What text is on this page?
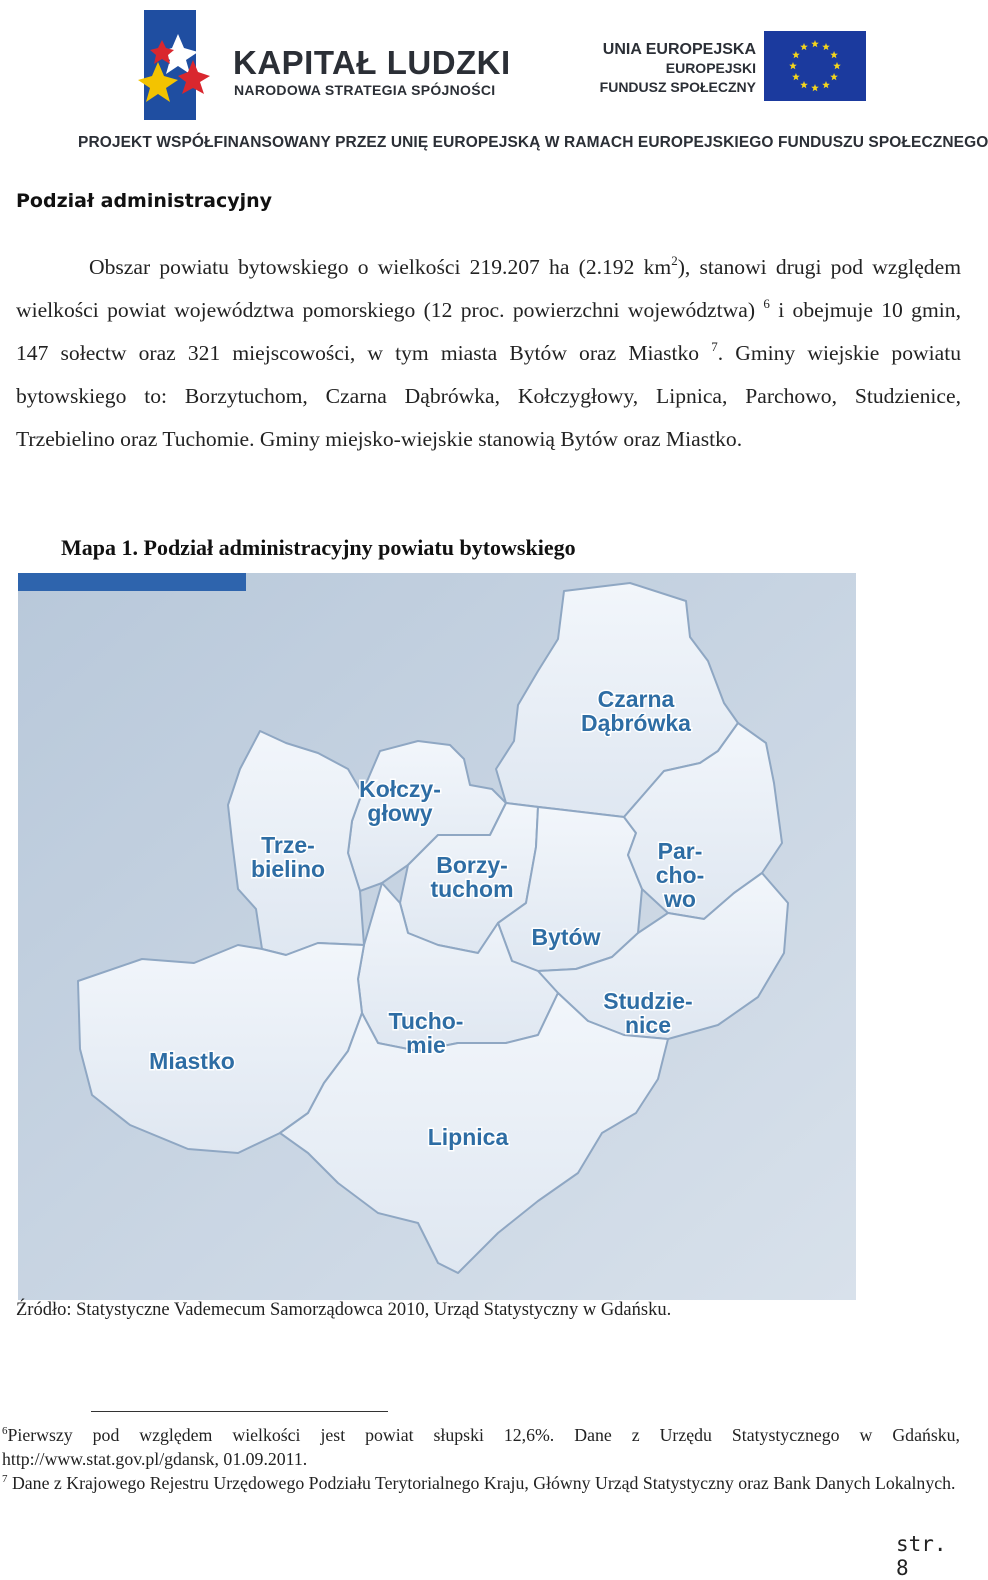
KAPITAŁ LUDZKI
NARODOWA STRATEGIA SPÓJNOŚCI
UNIA EUROPEJSKA
EUROPEJSKI
FUNDUSZ SPOŁECZNY
PROJEKT WSPÓŁFINANSOWANY PRZEZ UNIĘ EUROPEJSKĄ W RAMACH EUROPEJSKIEGO FUNDUSZU SPOŁECZNEGO
Podział administracyjny
Obszar powiatu bytowskiego o wielkości 219.207 ha (2.192 $km^2$), stanowi drugi pod względem wielkości powiat województwa pomorskiego (12 proc. powierzchni województwa) $^6$ i obejmuje 10 gmin, 147 sołectw oraz 321 miejscowości, w tym miasta Bytów oraz Miastko $^7$. Gminy wiejskie powiatu bytowskiego to: Borzytuchom, Czarna Dąbrówka, Kołczygłowy, Lipnica, Parchowo, Studzienice, Trzebielino oraz Tuchomie. Gminy miejsko-wiejskie stanowią Bytów oraz Miastko.
Mapa 1. Podział administracyjny powiatu bytowskiego
Czarna
Dąbrówka
Kołczy-
głowy
Trze-
bielino	Borzy-
tuchom
Par-
cho-
wo
Bytów
Studzie-
nice
Tucho-
mie
Miastko
Lipnica
Źródło: Statystyczne Vademecum Samorządowca 2010, Urząd Statystyczny w Gdańsku.

$^6$Pierwszy pod względem wielkości jest powiat słupski 12,6%. Dane z Urzędu Statystycznego w Gdańsku, http://www.stat.gov.pl/gdansk, 01.09.2011.

$^7$ Dane z Krajowego Rejestru Urzędowego Podziału Terytorialnego Kraju, Główny Urząd Statystyczny oraz Bank Danych Lokalnych.

str. 8
